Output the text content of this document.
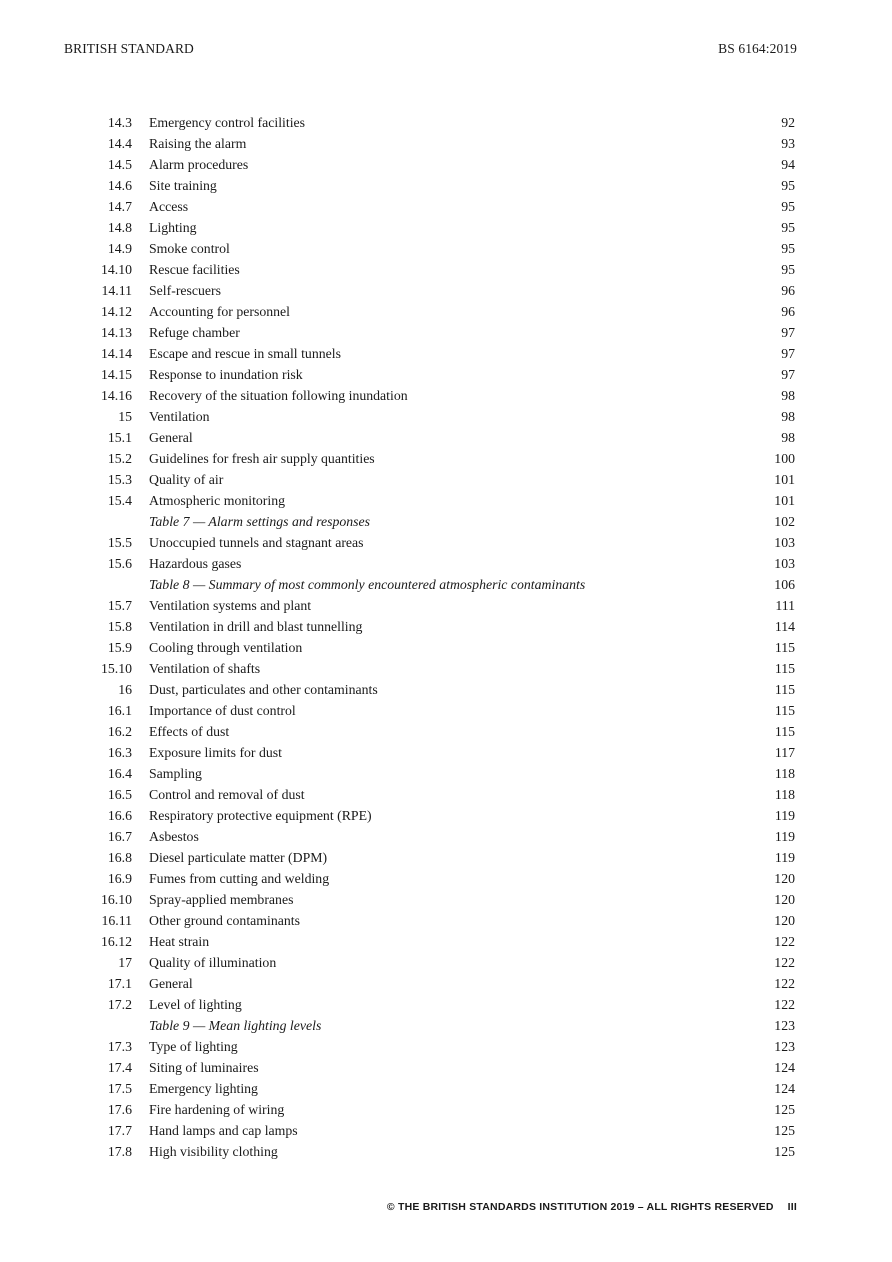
BRITISH STANDARD	BS 6164:2019
14.3 Emergency control facilities	92
14.4 Raising the alarm	93
14.5 Alarm procedures	94
14.6 Site training	95
14.7 Access	95
14.8 Lighting	95
14.9 Smoke control	95
14.10 Rescue facilities	95
14.11 Self-rescuers	96
14.12 Accounting for personnel	96
14.13 Refuge chamber	97
14.14 Escape and rescue in small tunnels	97
14.15 Response to inundation risk	97
14.16 Recovery of the situation following inundation	98
15 Ventilation	98
15.1 General	98
15.2 Guidelines for fresh air supply quantities	100
15.3 Quality of air	101
15.4 Atmospheric monitoring	101
Table 7 — Alarm settings and responses	102
15.5 Unoccupied tunnels and stagnant areas	103
15.6 Hazardous gases	103
Table 8 — Summary of most commonly encountered atmospheric contaminants	106
15.7 Ventilation systems and plant	111
15.8 Ventilation in drill and blast tunnelling	114
15.9 Cooling through ventilation	115
15.10 Ventilation of shafts	115
16 Dust, particulates and other contaminants	115
16.1 Importance of dust control	115
16.2 Effects of dust	115
16.3 Exposure limits for dust	117
16.4 Sampling	118
16.5 Control and removal of dust	118
16.6 Respiratory protective equipment (RPE)	119
16.7 Asbestos	119
16.8 Diesel particulate matter (DPM)	119
16.9 Fumes from cutting and welding	120
16.10 Spray-applied membranes	120
16.11 Other ground contaminants	120
16.12 Heat strain	122
17 Quality of illumination	122
17.1 General	122
17.2 Level of lighting	122
Table 9 — Mean lighting levels	123
17.3 Type of lighting	123
17.4 Siting of luminaires	124
17.5 Emergency lighting	124
17.6 Fire hardening of wiring	125
17.7 Hand lamps and cap lamps	125
17.8 High visibility clothing	125
© THE BRITISH STANDARDS INSTITUTION 2019 – ALL RIGHTS RESERVED III
